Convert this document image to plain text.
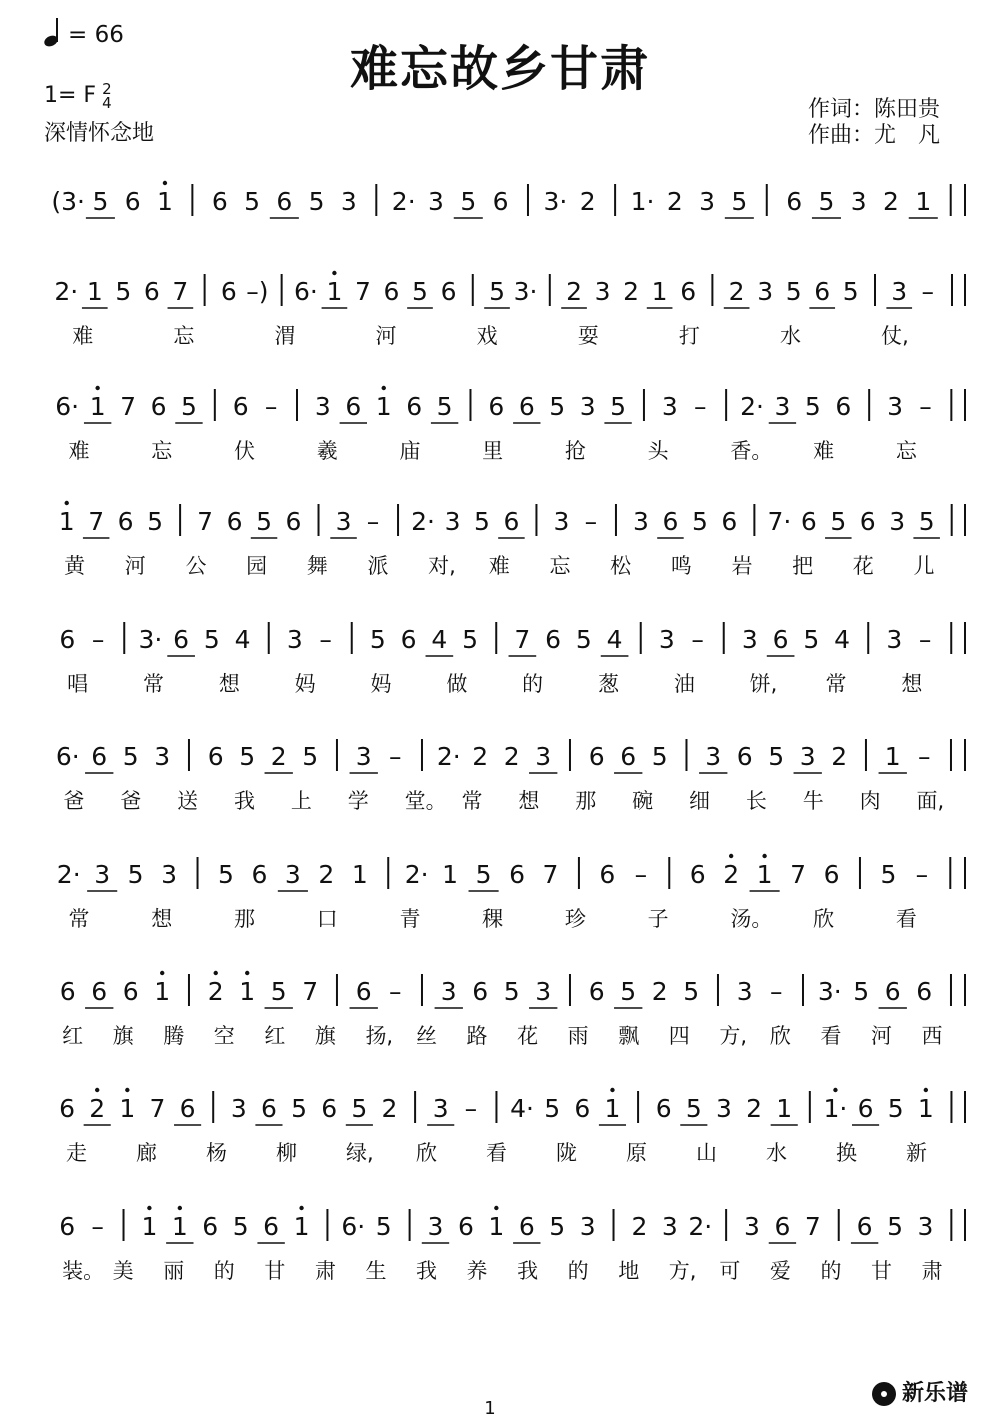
= 66
难忘故乡甘肃
1= F 2
4
深情怀念地
作词：陈田贵
作曲：尤　凡
(3· 5 6 1 6 5 6 5 3 2· 3 5 6 3· 2 1· 2 3 5 6 5 3 2 1
2· 1 5 6 7 6 –) 6· 1 7 6 5 6 5 3· 2 3 2 1 6 2 3 5 6 5 3 –
难	忘	渭	河	戏	耍	打	水	仗,
6· 1 7 6 5 6 – 3 6 1 6 5 6 6 5 3 5 3 – 2· 3 5 6 3 –
难	忘	伏	羲	庙	里	抢	头	香。 难	忘
1 7 6 5 7 6 5 6 3 – 2· 3 5 6 3 – 3 6 5 6 7· 6 5 6 3 5
黄 河 公 园 舞 派 对, 难 忘 松 鸣 岩 把 花 儿
6 – 3· 6 5 4 3 – 5 6 4 5 7 6 5 4 3 – 3 6 5 4 3 –
唱	常	想	妈	妈	做	的	葱	油	饼, 常	想
6· 6 5 3 6 5 2 5 3 – 2· 2 2 3 6 6 5 3 6 5 3 2 1 –
爸 爸 送 我 上 学 堂。 常 想 那 碗 细 长 牛 肉 面,
2· 3 5 3 5 6 3 2 1 2· 1 5 6 7 6 – 6 2 1 7 6 5 –
常	想	那	口	青	稞	珍	子	汤。 欣	看
6 6 6 1 2 1 5 7 6 – 3 6 5 3 6 5 2 5 3 – 3· 5 6 6
红 旗 腾 空 红 旗 扬, 丝 路 花 雨 飘 四 方, 欣 看 河 西
6 2 1 7 6 3 6 5 6 5 2 3 – 4· 5 6 1 6 5 3 2 1 1· 6 5 1
走 廊 杨 柳 绿, 欣 看 陇 原 山 水 换 新
6 – 1 1 6 5 6 1 6· 5 3 6 1 6 5 3 2 3 2· 3 6 7 6 5 3
装。 美 丽 的 甘 肃 生 我 养 我 的 地 方, 可 爱 的 甘 肃
1
新乐谱
